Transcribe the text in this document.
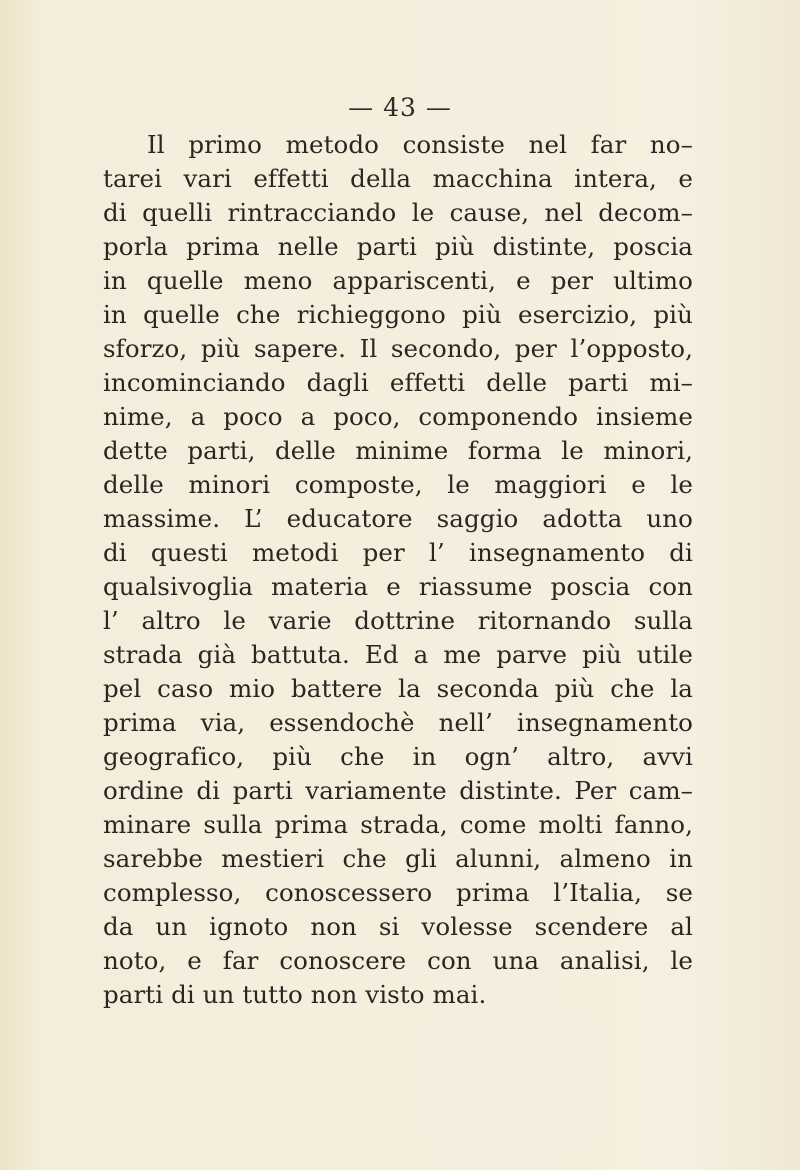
— 43 —
Il primo metodo consiste nel far no–
tarei vari effetti della macchina intera, e
di quelli rintracciando le cause, nel decom–
porla prima nelle parti più distinte, poscia
in quelle meno appariscenti, e per ultimo
in quelle che richieggono più esercizio, più
sforzo, più sapere. Il secondo, per l’opposto,
incominciando dagli effetti delle parti mi–
nime, a poco a poco, componendo insieme
dette parti, delle minime forma le minori,
delle minori composte, le maggiori e le
massime. L’ educatore saggio adotta uno
di questi metodi per l’ insegnamento di
qualsivoglia materia e riassume poscia con
l’ altro le varie dottrine ritornando sulla
strada già battuta. Ed a me parve più utile
pel caso mio battere la seconda più che la
prima via, essendochè nell’ insegnamento
geografico, più che in ogn’ altro, avvi
ordine di parti variamente distinte. Per cam–
minare sulla prima strada, come molti fanno,
sarebbe mestieri che gli alunni, almeno in
complesso, conoscessero prima l’Italia, se
da un ignoto non si volesse scendere al
noto, e far conoscere con una analisi, le
parti di un tutto non visto mai.
